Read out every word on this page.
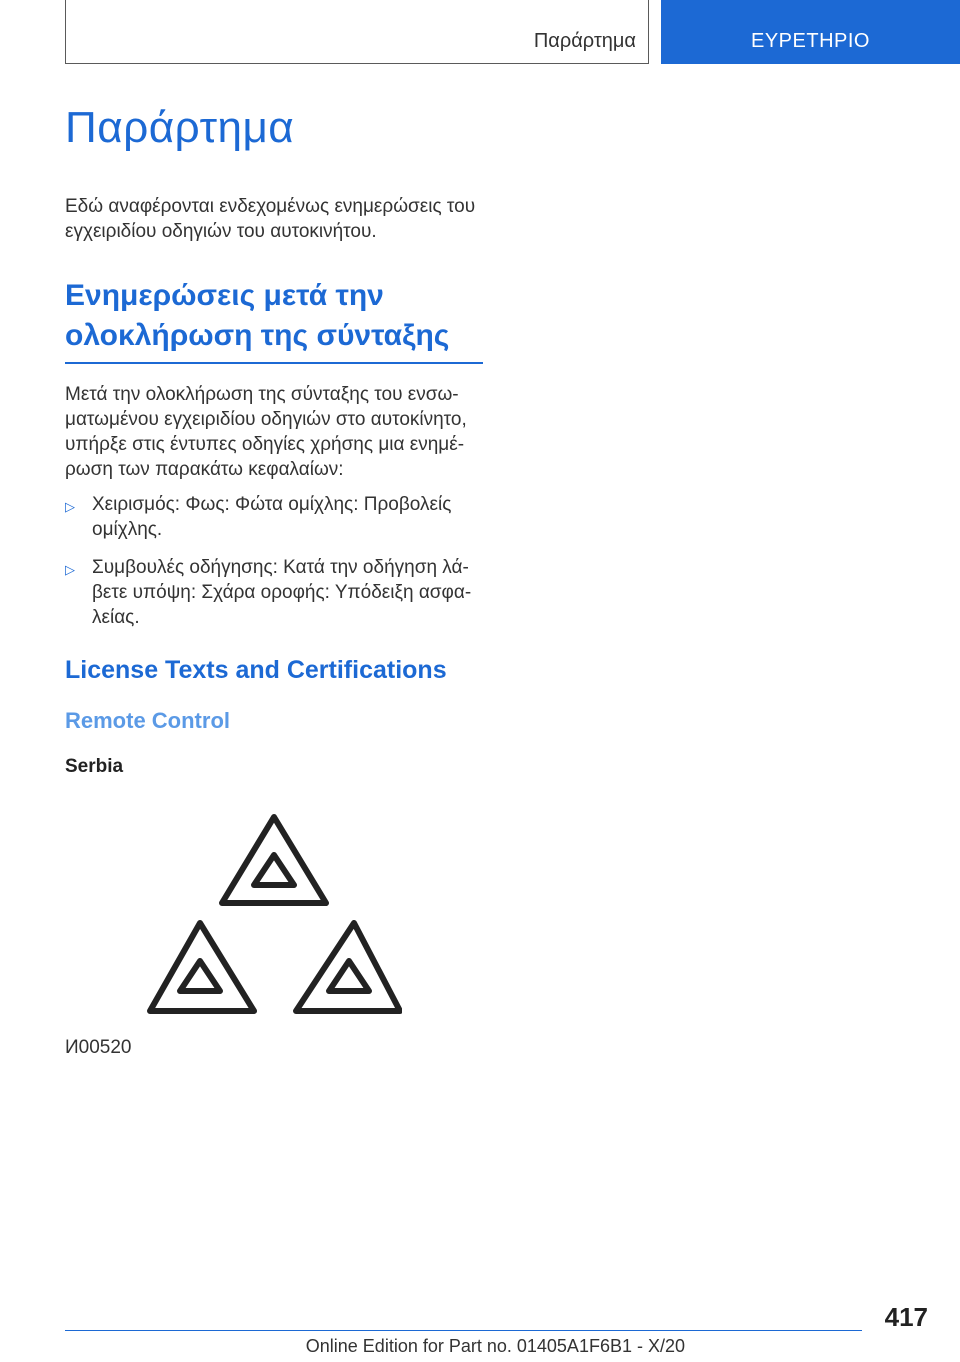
Παράρτημα	ΕΥΡΕΤΗΡΙΟ
Παράρτημα

Εδώ αναφέρονται ενδεχομένως ενημερώσεις του εγχειριδίου οδηγιών του αυτοκινήτου.

Ενημερώσεις μετά την ολοκλήρωση της σύνταξης

Μετά την ολοκλήρωση της σύνταξης του ενσωματωμένου εγχειριδίου οδηγιών στο αυτοκίνητο, υπήρξε στις έντυπες οδηγίες χρήσης μια ενημέρωση των παρακάτω κεφαλαίων:

▷ Χειρισμός: Φως: Φώτα ομίχλης: Προβολείς ομίχλης.
▷ Συμβουλές οδήγησης: Κατά την οδήγηση λάβετε υπόψη: Σχάρα οροφής: Υπόδειξη ασφαλείας.
License Texts and Certifications
Remote Control
Serbia
И00520
417
Online Edition for Part no. 01405A1F6B1 - X/20
